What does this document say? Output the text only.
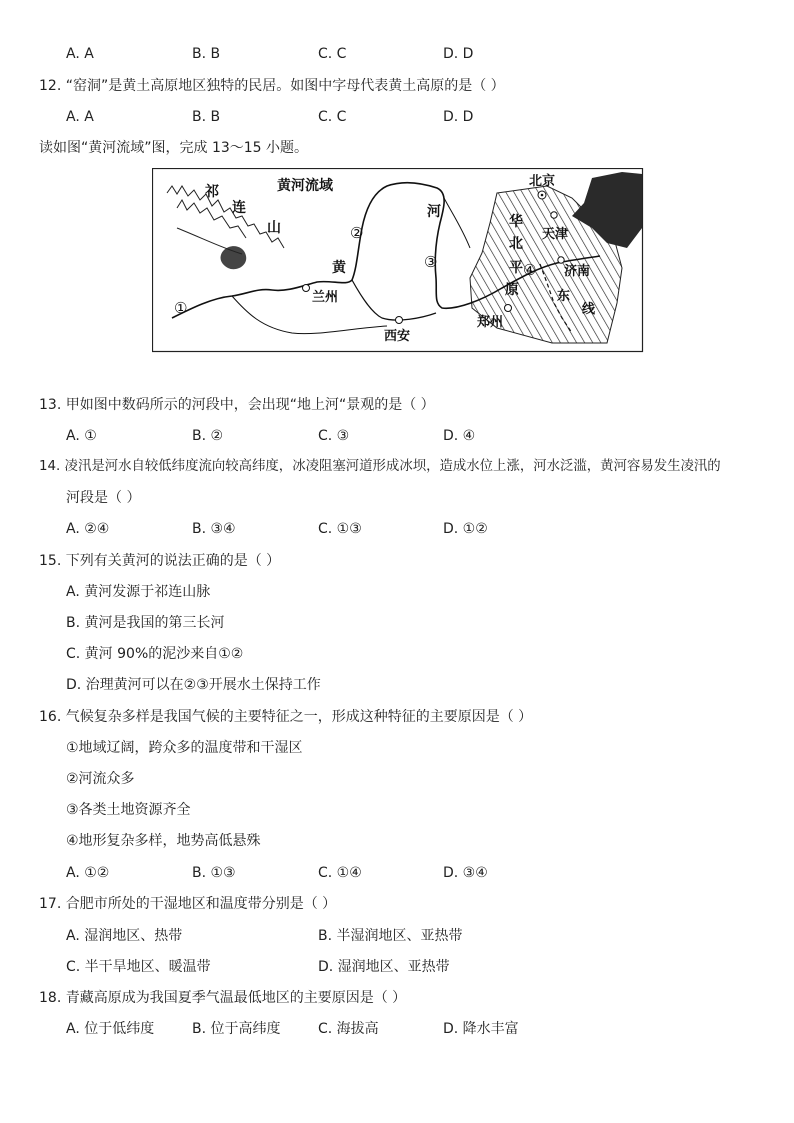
A. A	B. B	C. C	D. D
12. “窑洞”是黄土高原地区独特的民居。如图中字母代表黄土高原的是（ ）
A. A	B. B	C. C	D. D
读如图“黄河流域”图，完成 13～15 小题。
黄河流域
祁
连
山
黄
河
兰州
西安
郑州
北京
天津
济南
华
北
平
原	东
线
①
②
③	④
13. 甲如图中数码所示的河段中，会出现“地上河“景观的是（ ）
A. ①	B. ②	C. ③	D. ④
14. 凌汛是河水自较低纬度流向较高纬度，冰凌阻塞河道形成冰坝，造成水位上涨，河水泛滥，黄河容易发生凌汛的
河段是（ ）
A. ②④	B. ③④	C. ①③	D. ①②
15. 下列有关黄河的说法正确的是（ ）
A. 黄河发源于祁连山脉
B. 黄河是我国的第三长河
C. 黄河 90%的泥沙来自①②
D. 治理黄河可以在②③开展水土保持工作
16. 气候复杂多样是我国气候的主要特征之一，形成这种特征的主要原因是（ ）
①地域辽阔，跨众多的温度带和干湿区
②河流众多
③各类土地资源齐全
④地形复杂多样，地势高低悬殊
A. ①②	B. ①③	C. ①④	D. ③④
17. 合肥市所处的干湿地区和温度带分别是（ ）
A. 湿润地区、热带	B. 半湿润地区、亚热带
C. 半干旱地区、暖温带	D. 湿润地区、亚热带
18. 青藏高原成为我国夏季气温最低地区的主要原因是（ ）
A. 位于低纬度	B. 位于高纬度	C. 海拔高	D. 降水丰富
